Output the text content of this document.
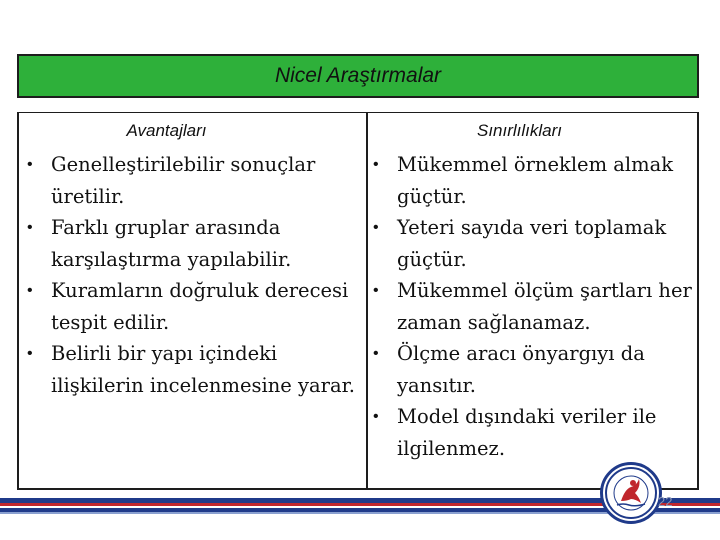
Nicel Araştırmalar
Avantajları
• Genelleştirilebilir sonuçlar üretilir.
• Farklı gruplar arasında karşılaştırma yapılabilir.
• Kuramların doğruluk derecesi tespit edilir.
• Belirli bir yapı içindeki ilişkilerin incelenmesine yarar.
Sınırlılıkları
• Mükemmel örneklem almak güçtür.
• Yeteri sayıda veri toplamak güçtür.
• Mükemmel ölçüm şartları her zaman sağlanamaz.
• Ölçme aracı önyargıyı da yansıtır.
• Model dışındaki veriler ile ilgilenmez.
22
